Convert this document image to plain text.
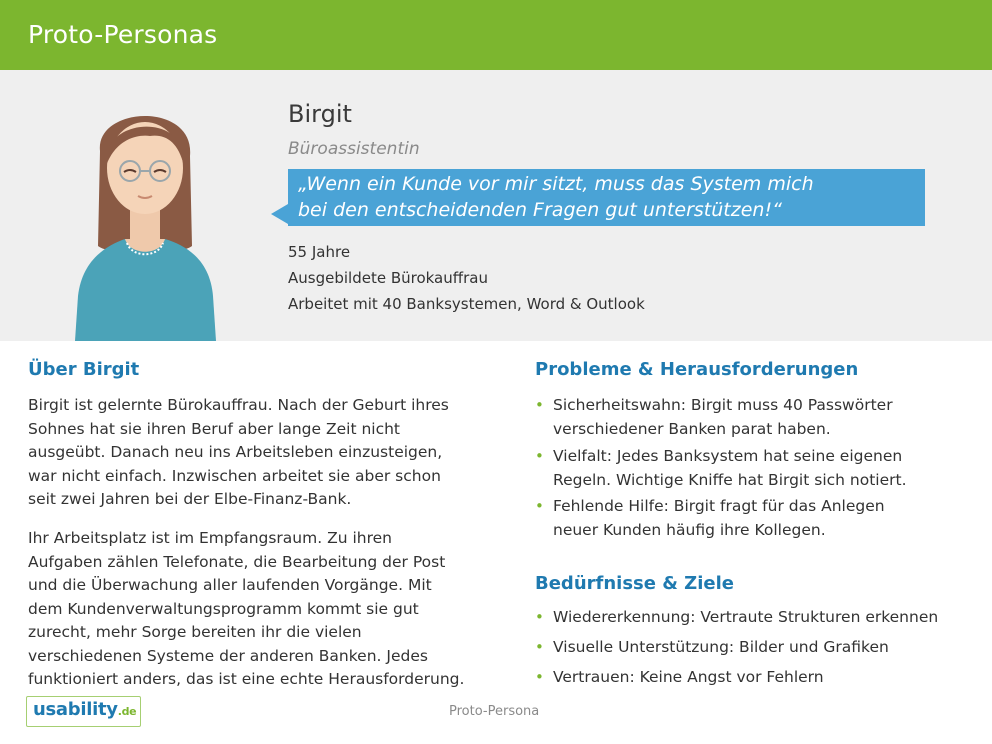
Proto-Personas
Birgit
Büroassistentin
„Wenn ein Kunde vor mir sitzt, muss das System mich
bei den entscheidenden Fragen gut unterstützen!“
55 Jahre
Ausgebildete Bürokauffrau
Arbeitet mit 40 Banksystemen, Word & Outlook
Über Birgit
Birgit ist gelernte Bürokauffrau. Nach der Geburt ihres
Sohnes hat sie ihren Beruf aber lange Zeit nicht
ausgeübt. Danach neu ins Arbeitsleben einzusteigen,
war nicht einfach. Inzwischen arbeitet sie aber schon
seit zwei Jahren bei der Elbe-Finanz-Bank.
Ihr Arbeitsplatz ist im Empfangsraum. Zu ihren
Aufgaben zählen Telefonate, die Bearbeitung der Post
und die Überwachung aller laufenden Vorgänge. Mit
dem Kundenverwaltungsprogramm kommt sie gut
zurecht, mehr Sorge bereiten ihr die vielen
verschiedenen Systeme der anderen Banken. Jedes
funktioniert anders, das ist eine echte Herausforderung.
Probleme & Herausforderungen
• Sicherheitswahn: Birgit muss 40 Passwörter
verschiedener Banken parat haben.
• Vielfalt: Jedes Banksystem hat seine eigenen
Regeln. Wichtige Kniffe hat Birgit sich notiert.
• Fehlende Hilfe: Birgit fragt für das Anlegen
neuer Kunden häufig ihre Kollegen.
Bedürfnisse & Ziele
• Wiedererkennung: Vertraute Strukturen erkennen
• Visuelle Unterstützung: Bilder und Grafiken
• Vertrauen: Keine Angst vor Fehlern
usability.de	Proto-Persona
